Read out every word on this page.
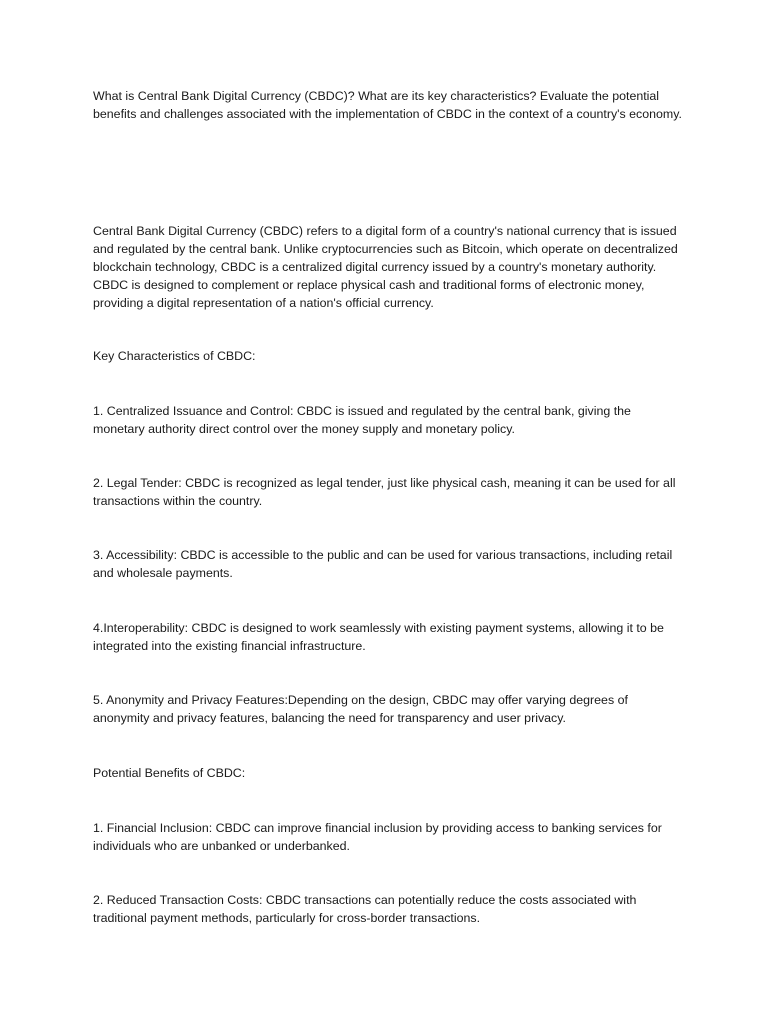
What is Central Bank Digital Currency (CBDC)? What are its key characteristics? Evaluate the potential benefits and challenges associated with the implementation of CBDC in the context of a country's economy.

Central Bank Digital Currency (CBDC) refers to a digital form of a country's national currency that is issued and regulated by the central bank. Unlike cryptocurrencies such as Bitcoin, which operate on decentralized blockchain technology, CBDC is a centralized digital currency issued by a country's monetary authority. CBDC is designed to complement or replace physical cash and traditional forms of electronic money, providing a digital representation of a nation's official currency.

Key Characteristics of CBDC:

1. Centralized Issuance and Control: CBDC is issued and regulated by the central bank, giving the monetary authority direct control over the money supply and monetary policy.

2. Legal Tender: CBDC is recognized as legal tender, just like physical cash, meaning it can be used for all transactions within the country.

3. Accessibility: CBDC is accessible to the public and can be used for various transactions, including retail and wholesale payments.

4.Interoperability: CBDC is designed to work seamlessly with existing payment systems, allowing it to be integrated into the existing financial infrastructure.

5. Anonymity and Privacy Features:Depending on the design, CBDC may offer varying degrees of anonymity and privacy features, balancing the need for transparency and user privacy.

Potential Benefits of CBDC:

1. Financial Inclusion: CBDC can improve financial inclusion by providing access to banking services for individuals who are unbanked or underbanked.

2. Reduced Transaction Costs: CBDC transactions can potentially reduce the costs associated with traditional payment methods, particularly for cross-border transactions.
